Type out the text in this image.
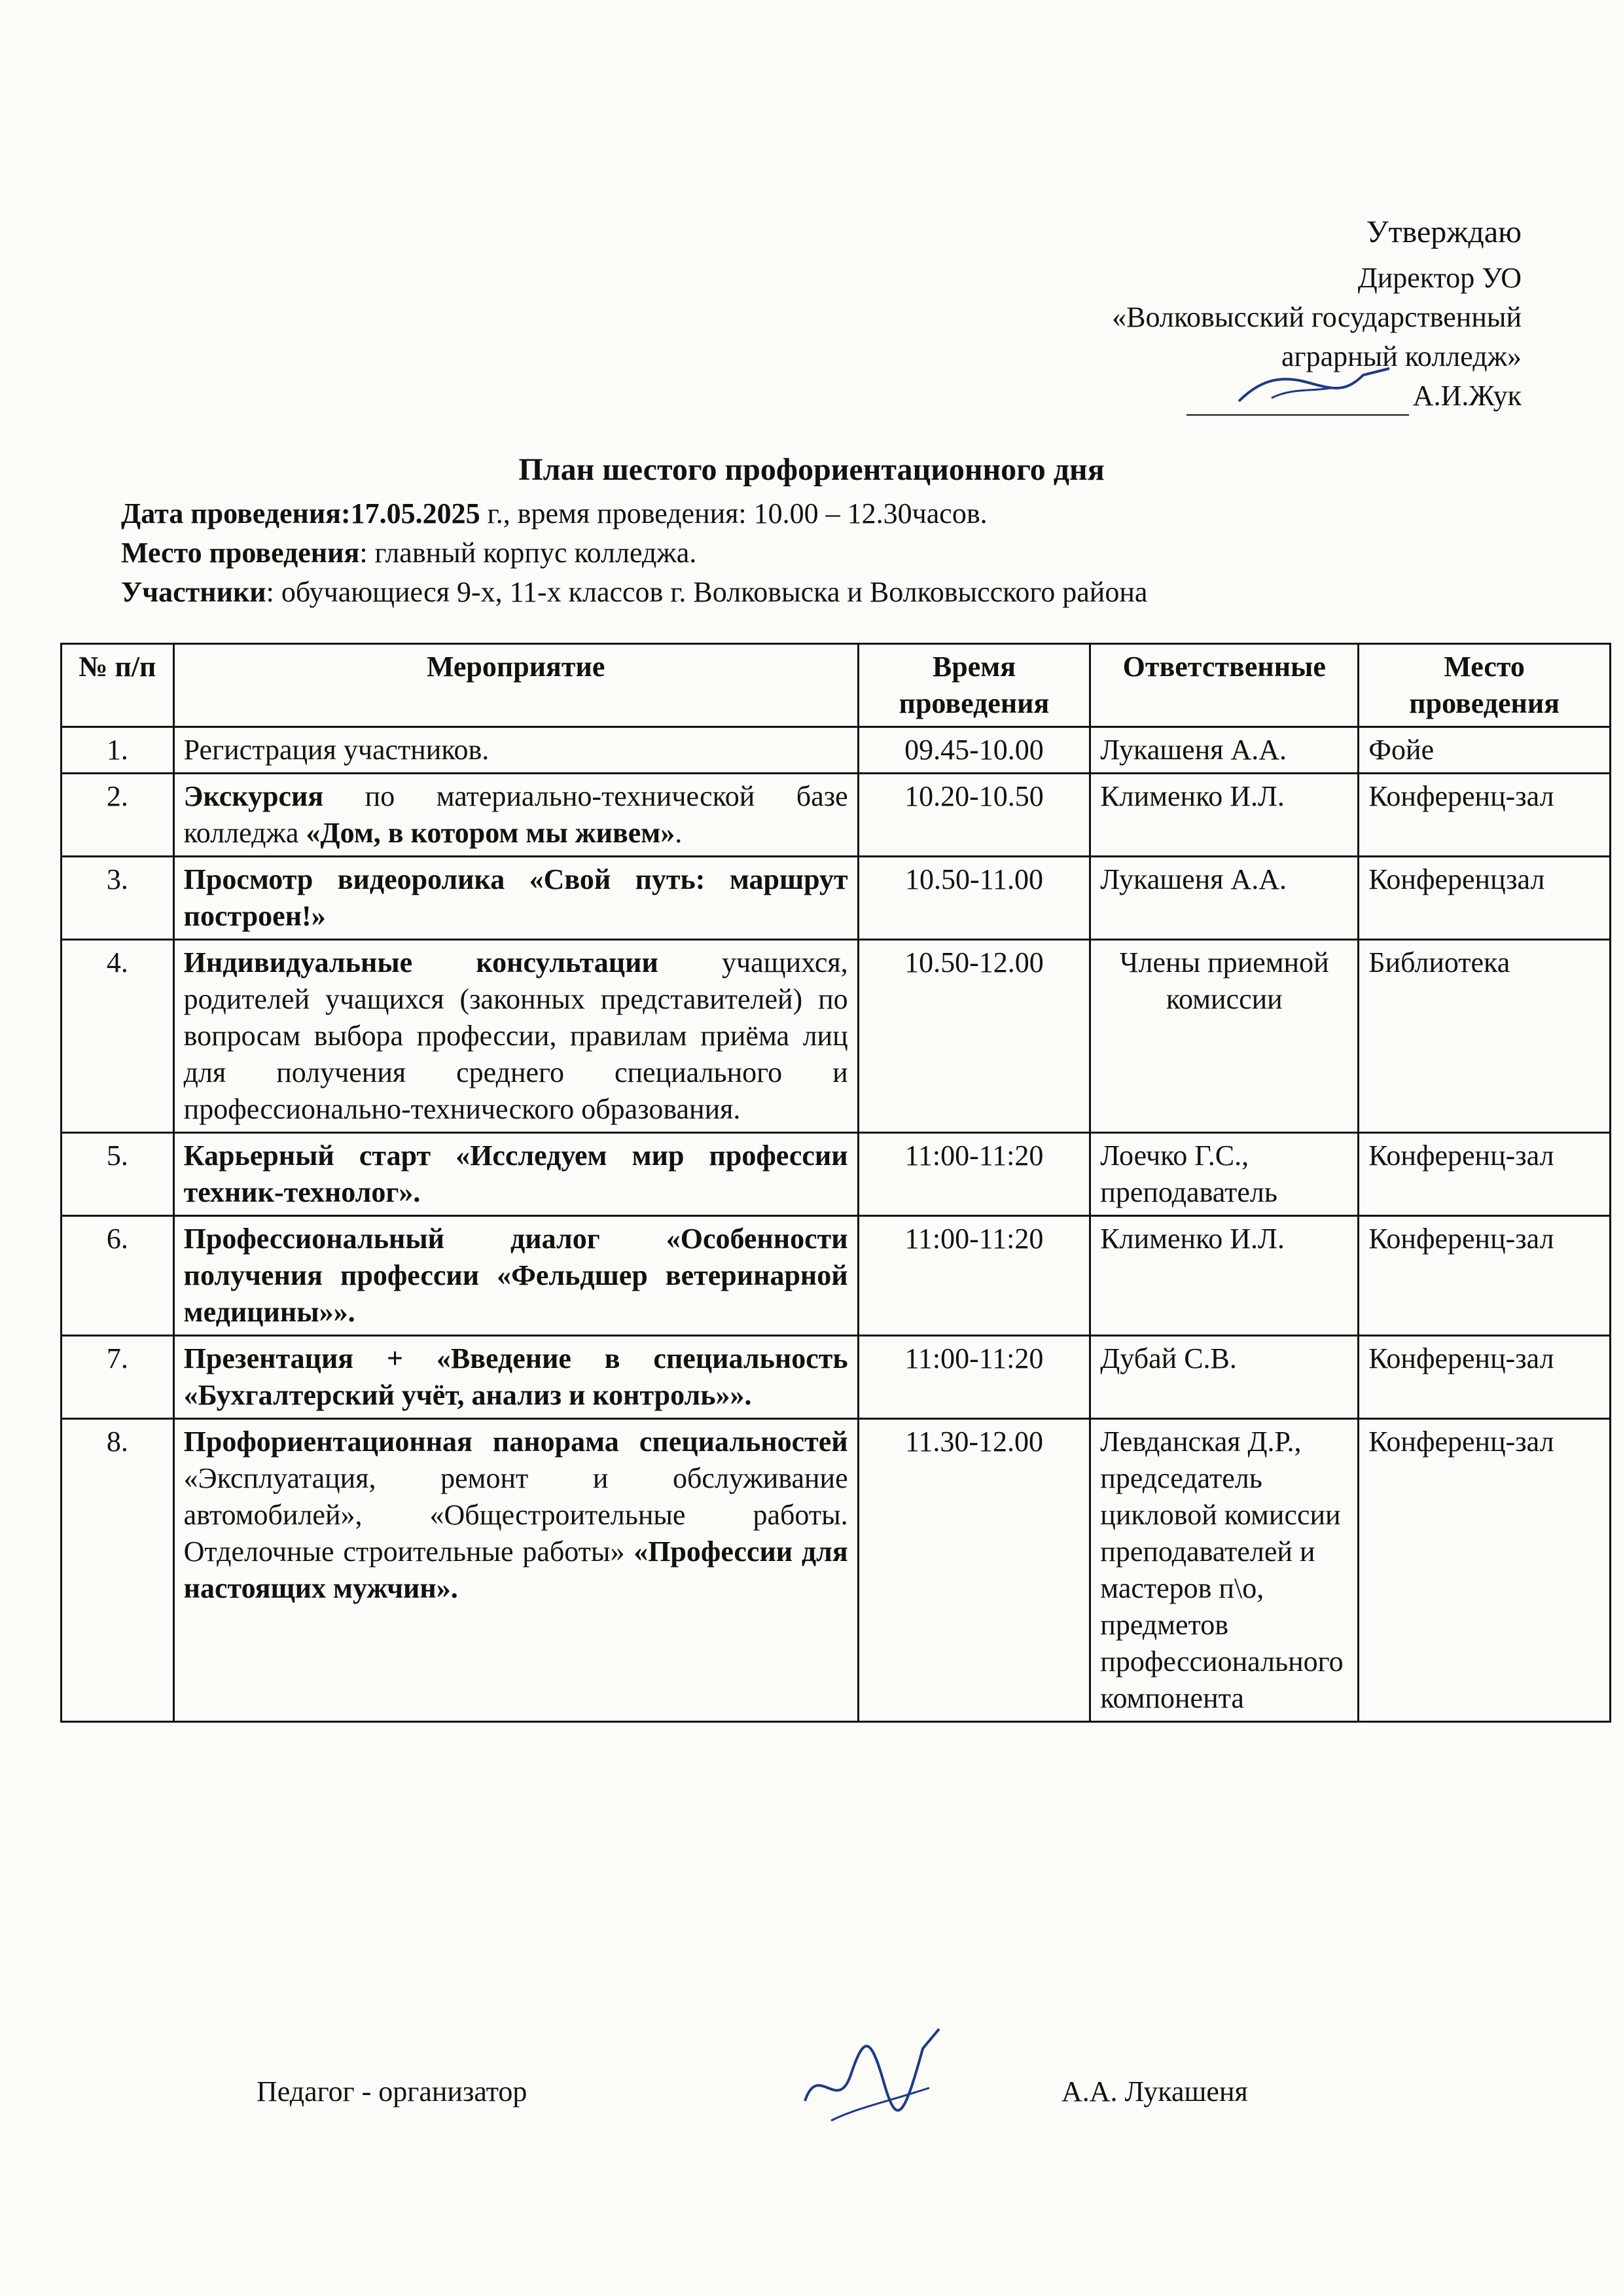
Утверждаю
Директор УО
«Волковысский государственный
аграрный колледж»
А.И.Жук
План шестого профориентационного дня
Дата проведения:17.05.2025 г., время проведения: 10.00 – 12.30часов.
Место проведения: главный корпус колледжа.
Участники: обучающиеся 9-х, 11-х классов г. Волковыска и Волковысского района
№ п/п	Мероприятие	Время проведения	Ответственные	Место проведения
1.	Регистрация участников.	09.45-10.00	Лукашеня А.А.	Фойе
2.	Экскурсия по материально-технической базе колледжа «Дом, в котором мы живем».	10.20-10.50	Клименко И.Л.	Конференц-зал
3.	Просмотр видеоролика «Свой путь: маршрут построен!»	10.50-11.00	Лукашеня А.А.	Конференцзал
4.	Индивидуальные консультации учащихся, родителей учащихся (законных представителей) по вопросам выбора профессии, правилам приёма лиц для получения среднего специального и профессионально-технического образования.	10.50-12.00	Члены приемной комиссии	Библиотека
5.	Карьерный старт «Исследуем мир профессии техник-технолог».	11:00-11:20	Лоечко Г.С., преподаватель	Конференц-зал
6.	Профессиональный диалог «Особенности получения профессии «Фельдшер ветеринарной медицины»».	11:00-11:20	Клименко И.Л.	Конференц-зал
7.	Презентация + «Введение в специальность «Бухгалтерский учёт, анализ и контроль»».	11:00-11:20	Дубай С.В.	Конференц-зал
8.	Профориентационная панорама специальностей «Эксплуатация, ремонт и обслуживание автомобилей», «Общестроительные работы. Отделочные строительные работы» «Профессии для настоящих мужчин».	11.30-12.00	Левданская Д.Р., председатель цикловой комиссии преподавателей и мастеров п\о, предметов профессионального компонента	Конференц-зал
Педагог - организатор	А.А. Лукашеня
